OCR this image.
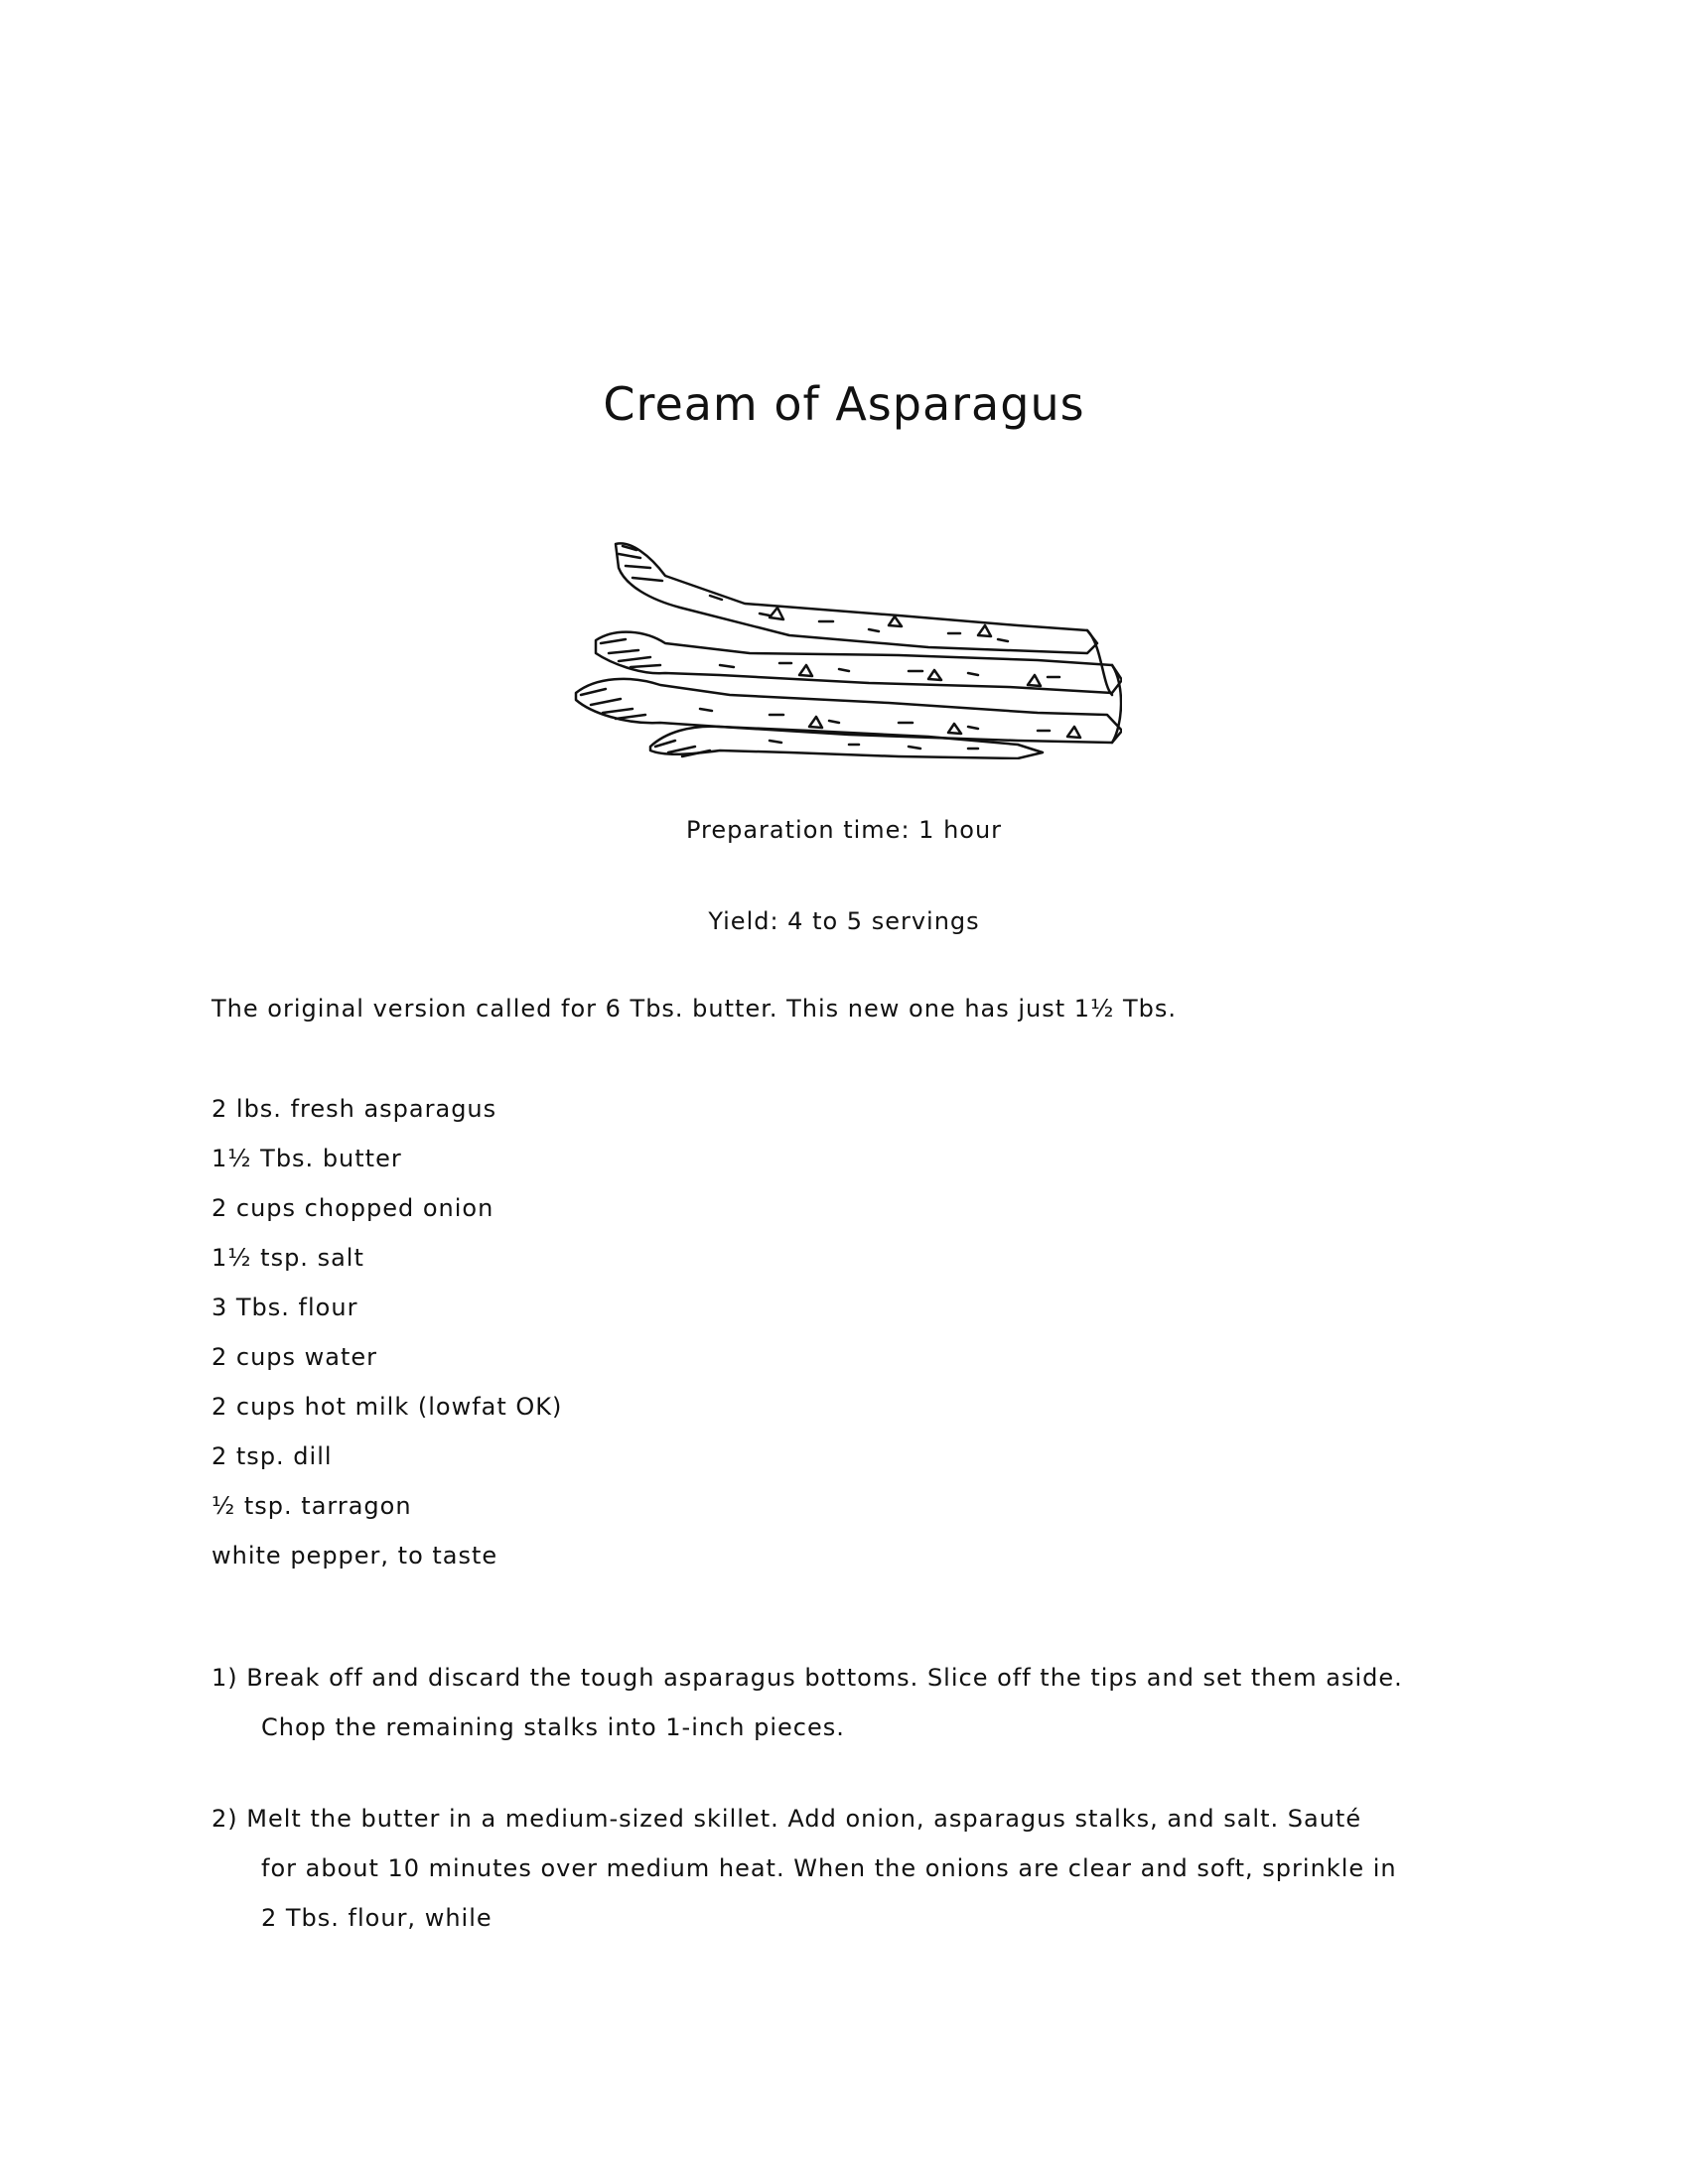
Cream of Asparagus
Preparation time: 1 hour
Yield: 4 to 5 servings
The original version called for 6 Tbs. butter. This new one has just 1½ Tbs.
2 lbs. fresh asparagus
1½ Tbs. butter
2 cups chopped onion
1½ tsp. salt
3 Tbs. flour
2 cups water
2 cups hot milk (lowfat OK)
2 tsp. dill
½ tsp. tarragon
white pepper, to taste
1) Break off and discard the tough asparagus bottoms. Slice off the tips and set them aside. Chop the remaining stalks into 1-inch pieces.
2) Melt the butter in a medium-sized skillet. Add onion, asparagus stalks, and salt. Sauté for about 10 minutes over medium heat. When the onions are clear and soft, sprinkle in 2 Tbs. flour, while
